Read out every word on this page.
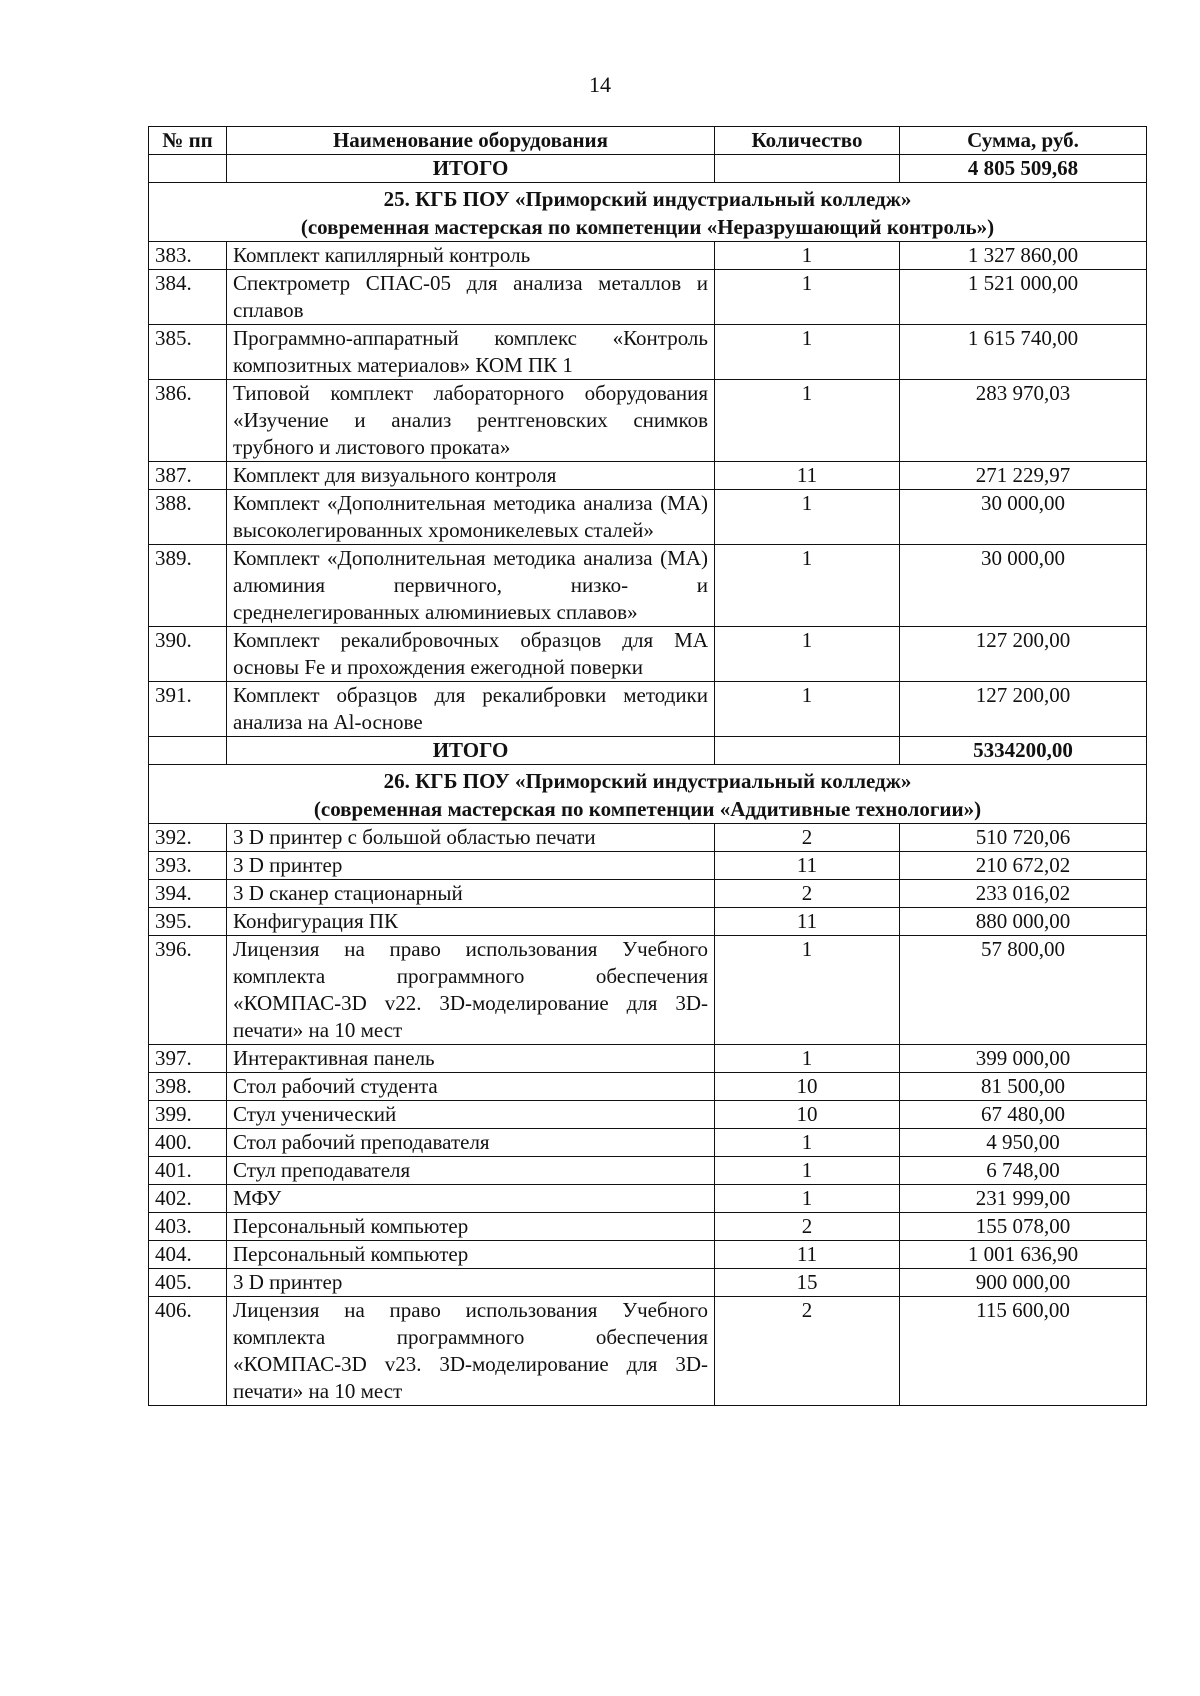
14
№ пп	Наименование оборудования	Количество	Сумма, руб.
	ИТОГО		4 805 509,68

25. КГБ ПОУ «Приморский индустриальный колледж»
(современная мастерская по компетенции «Неразрушающий контроль»)			

383.	Комплект капиллярный контроль	1	1 327 860,00
384.	Спектрометр СПАС-05 для анализа металлов и сплавов	1	1 521 000,00
385.	Программно-аппаратный комплекс «Контроль композитных материалов» КОМ ПК 1	1	1 615 740,00
386.	Типовой комплект лабораторного оборудования «Изучение и анализ рентгеновских снимков трубного и листового проката»	1	283 970,03
387.	Комплект для визуального контроля	11	271 229,97
388.	Комплект «Дополнительная методика анализа (МА) высоколегированных хромоникелевых сталей»	1	30 000,00
389.	Комплект «Дополнительная методика анализа (МА) алюминия первичного, низко- и среднелегированных алюминиевых сплавов»	1	30 000,00
390.	Комплект рекалибровочных образцов для МА основы Fe и прохождения ежегодной поверки	1	127 200,00
391.	Комплект образцов для рекалибровки методики анализа на Al-основе	1	127 200,00
	ИТОГО		5334200,00

26. КГБ ПОУ «Приморский индустриальный колледж»
(современная мастерская по компетенции «Аддитивные технологии»)			

392.	3 D принтер с большой областью печати	2	510 720,06
393.	3 D принтер	11	210 672,02
394.	3 D сканер стационарный	2	233 016,02
395.	Конфигурация ПК	11	880 000,00
396.	Лицензия на право использования Учебного комплекта программного обеспечения «КОМПАС-3D v22. 3D-моделирование для 3D-печати» на 10 мест	1	57 800,00
397.	Интерактивная панель	1	399 000,00
398.	Стол рабочий студента	10	81 500,00
399.	Стул ученический	10	67 480,00
400.	Стол рабочий преподавателя	1	4 950,00
401.	Стул преподавателя	1	6 748,00
402.	МФУ	1	231 999,00
403.	Персональный компьютер	2	155 078,00
404.	Персональный компьютер	11	1 001 636,90
405.	3 D принтер	15	900 000,00
406.	Лицензия на право использования Учебного комплекта программного обеспечения «КОМПАС-3D v23. 3D-моделирование для 3D-печати» на 10 мест	2	115 600,00
